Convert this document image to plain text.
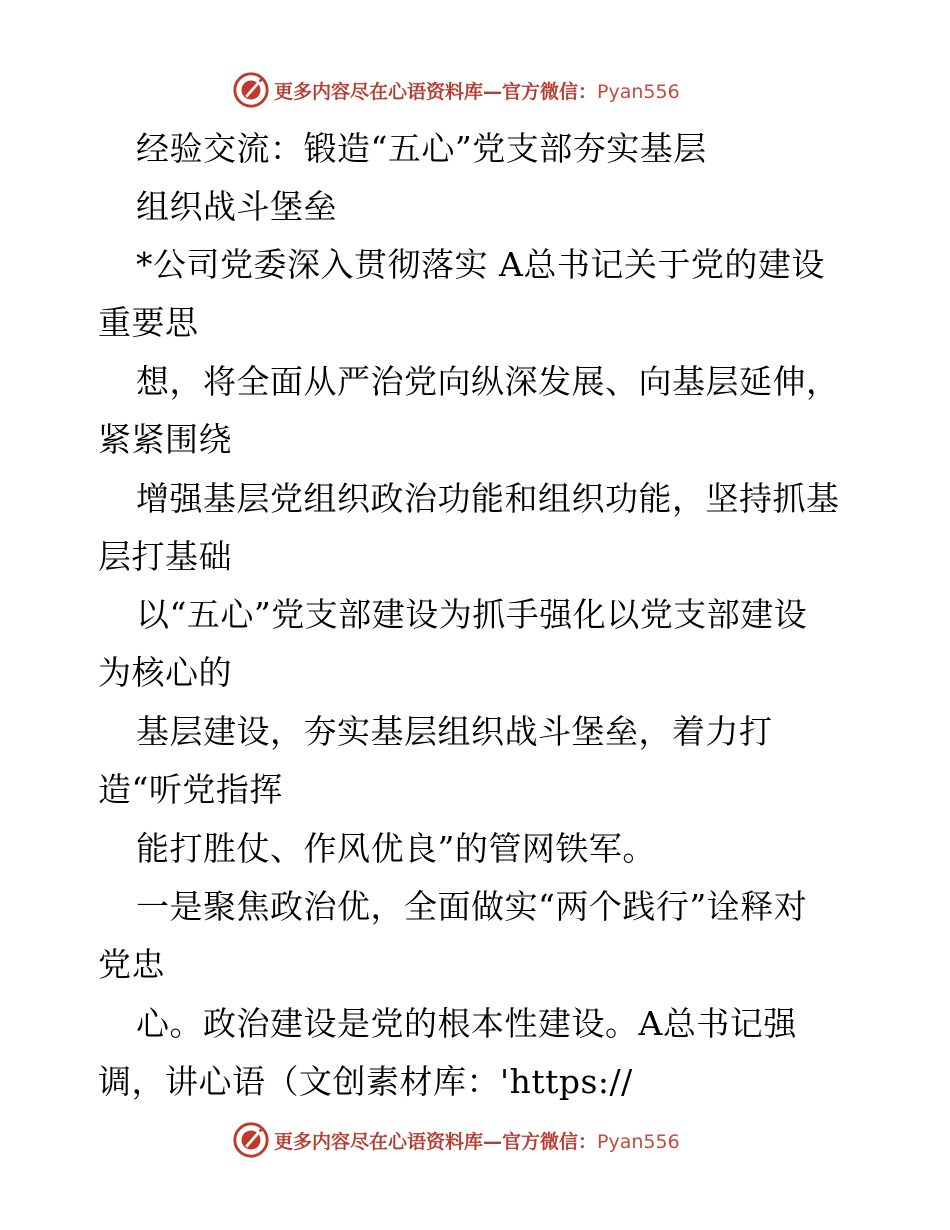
更多内容尽在心语资料库—官方微信：Pyan556
经验交流：锻造“五心”党支部夯实基层
组织战斗堡垒
*公司党委深入贯彻落实 A总书记关于党的建设
重要思
想，将全面从严治党向纵深发展、向基层延伸，
紧紧围绕
增强基层党组织政治功能和组织功能，坚持抓基
层打基础
以“五心”党支部建设为抓手强化以党支部建设
为核心的
基层建设，夯实基层组织战斗堡垒，着力打
造“听党指挥
能打胜仗、作风优良”的管网铁军。
一是聚焦政治优，全面做实“两个践行”诠释对
党忠
心。政治建设是党的根本性建设。A总书记强
调，讲心语（文创素材库：'https://
更多内容尽在心语资料库—官方微信：Pyan556
